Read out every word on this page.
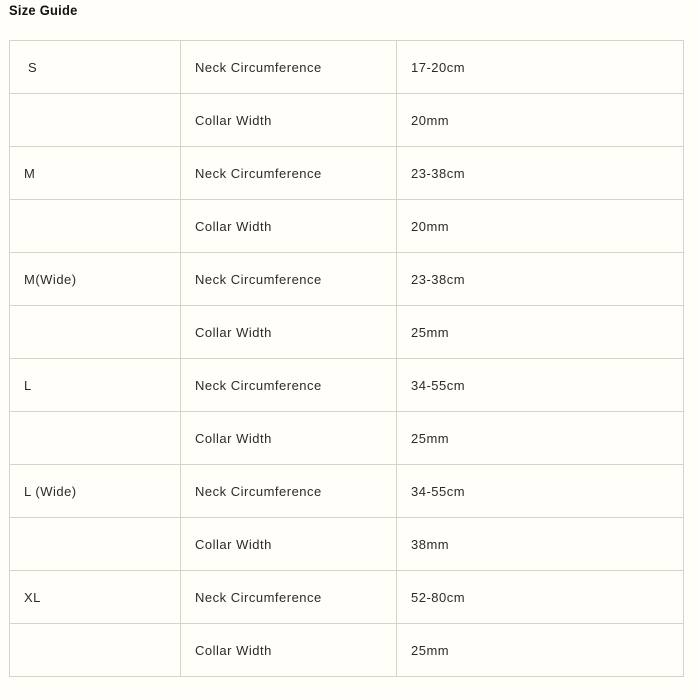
Size Guide
S	Neck Circumference	17-20cm
	Collar Width	20mm
M	Neck Circumference	23-38cm
	Collar Width	20mm
M(Wide)	Neck Circumference	23-38cm
	Collar Width	25mm
L	Neck Circumference	34-55cm
	Collar Width	25mm
L (Wide)	Neck Circumference	34-55cm
	Collar Width	38mm
XL	Neck Circumference	52-80cm
	Collar Width	25mm
